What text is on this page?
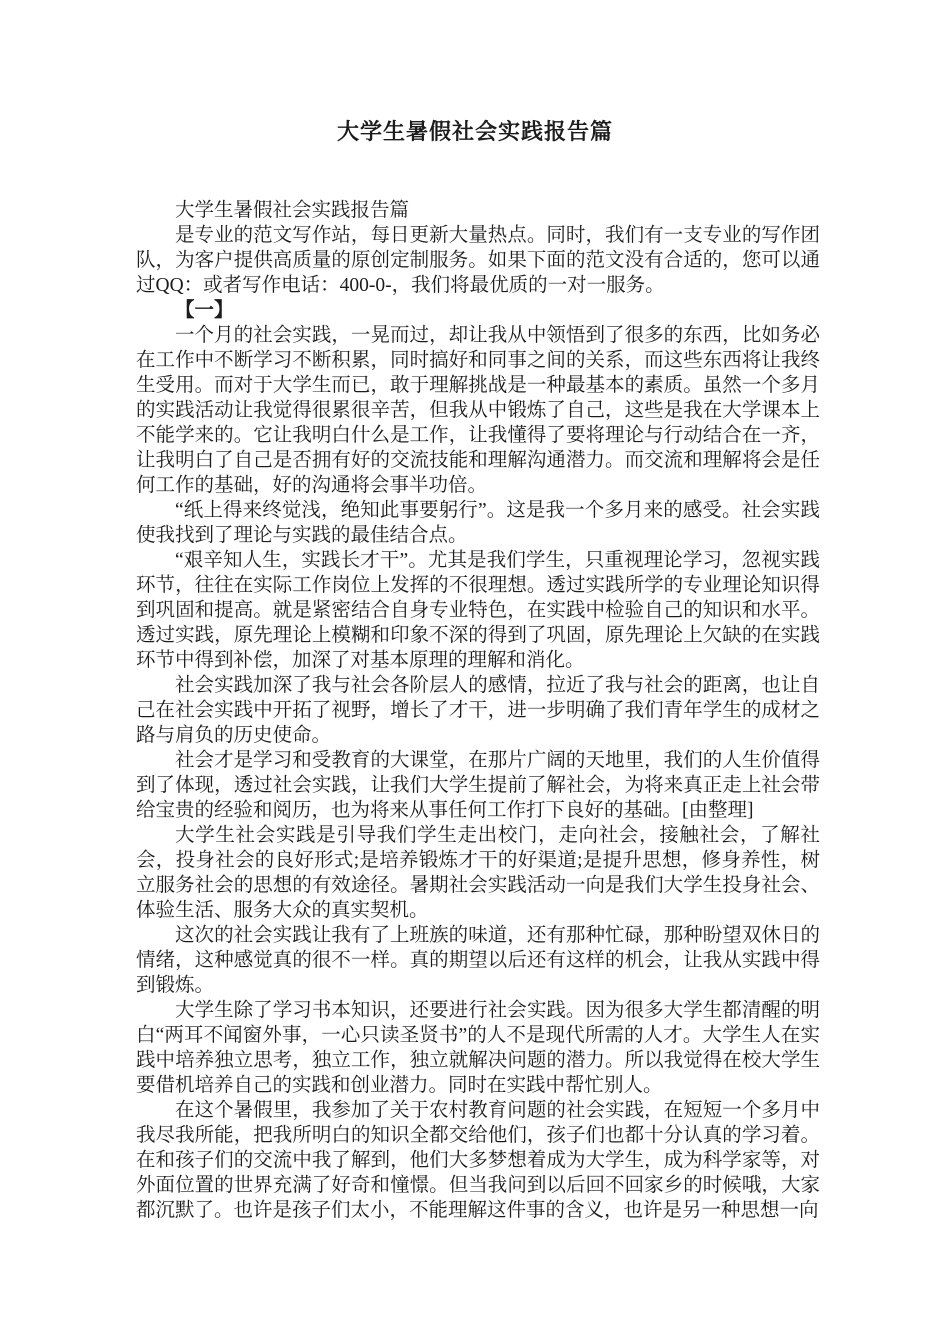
大学生暑假社会实践报告篇

大学生暑假社会实践报告篇

是专业的范文写作站，每日更新大量热点。同时，我们有一支专业的写作团队，为客户提供高质量的原创定制服务。如果下面的范文没有合适的，您可以通过QQ：或者写作电话：400-0-，我们将最优质的一对一服务。

【一】

一个月的社会实践，一晃而过，却让我从中领悟到了很多的东西，比如务必在工作中不断学习不断积累，同时搞好和同事之间的关系，而这些东西将让我终生受用。而对于大学生而已，敢于理解挑战是一种最基本的素质。虽然一个多月的实践活动让我觉得很累很辛苦，但我从中锻炼了自己，这些是我在大学课本上不能学来的。它让我明白什么是工作，让我懂得了要将理论与行动结合在一齐，让我明白了自己是否拥有好的交流技能和理解沟通潜力。而交流和理解将会是任何工作的基础，好的沟通将会事半功倍。

“纸上得来终觉浅，绝知此事要躬行”。这是我一个多月来的感受。社会实践使我找到了理论与实践的最佳结合点。

“艰辛知人生，实践长才干”。尤其是我们学生，只重视理论学习，忽视实践环节，往往在实际工作岗位上发挥的不很理想。透过实践所学的专业理论知识得到巩固和提高。就是紧密结合自身专业特色，在实践中检验自己的知识和水平。透过实践，原先理论上模糊和印象不深的得到了巩固，原先理论上欠缺的在实践环节中得到补偿，加深了对基本原理的理解和消化。

社会实践加深了我与社会各阶层人的感情，拉近了我与社会的距离，也让自己在社会实践中开拓了视野，增长了才干，进一步明确了我们青年学生的成材之路与肩负的历史使命。

社会才是学习和受教育的大课堂，在那片广阔的天地里，我们的人生价值得到了体现，透过社会实践，让我们大学生提前了解社会，为将来真正走上社会带给宝贵的经验和阅历，也为将来从事任何工作打下良好的基础。[由整理]

大学生社会实践是引导我们学生走出校门，走向社会，接触社会，了解社会，投身社会的良好形式;是培养锻炼才干的好渠道;是提升思想，修身养性，树立服务社会的思想的有效途径。暑期社会实践活动一向是我们大学生投身社会、体验生活、服务大众的真实契机。

这次的社会实践让我有了上班族的味道，还有那种忙碌，那种盼望双休日的情绪，这种感觉真的很不一样。真的期望以后还有这样的机会，让我从实践中得到锻炼。

大学生除了学习书本知识，还要进行社会实践。因为很多大学生都清醒的明白“两耳不闻窗外事，一心只读圣贤书”的人不是现代所需的人才。大学生人在实践中培养独立思考，独立工作，独立就解决问题的潜力。所以我觉得在校大学生要借机培养自己的实践和创业潜力。同时在实践中帮忙别人。

在这个暑假里，我参加了关于农村教育问题的社会实践，在短短一个多月中我尽我所能，把我所明白的知识全都交给他们，孩子们也都十分认真的学习着。在和孩子们的交流中我了解到，他们大多梦想着成为大学生，成为科学家等，对外面位置的世界充满了好奇和憧憬。但当我问到以后回不回家乡的时候哦，大家都沉默了。也许是孩子们太小，不能理解这件事的含义，也许是另一种思想一向
